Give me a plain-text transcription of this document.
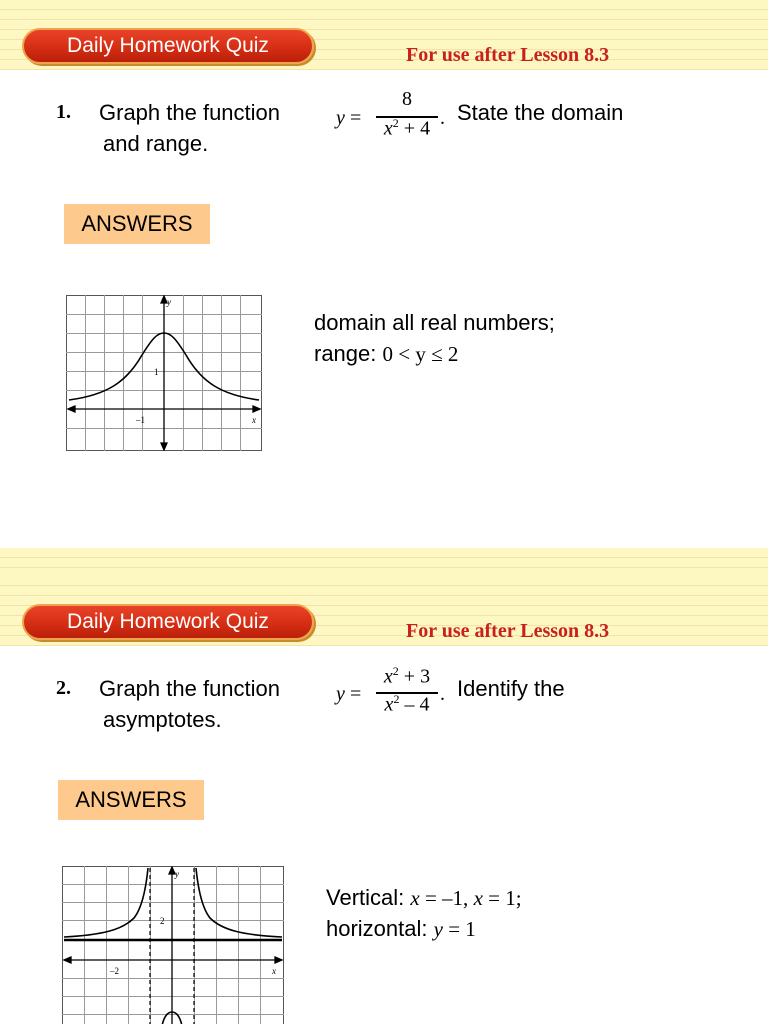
Daily Homework Quiz	For use after Lesson 8.3
1. Graph the function	y =
8
$x^2 + 4$ . State the domain
and range.
ANSWERS
y
x
1
–1
domain all real numbers;
range: 0 < y ≤ 2
Daily Homework Quiz	For use after Lesson 8.3
2. Graph the function	y =
$x^2 + 3$
$x^2 - 4$ . Identify the
asymptotes.
ANSWERS
y
x
2
–2
Vertical: x = –1, x = 1;
horizontal: y = 1
